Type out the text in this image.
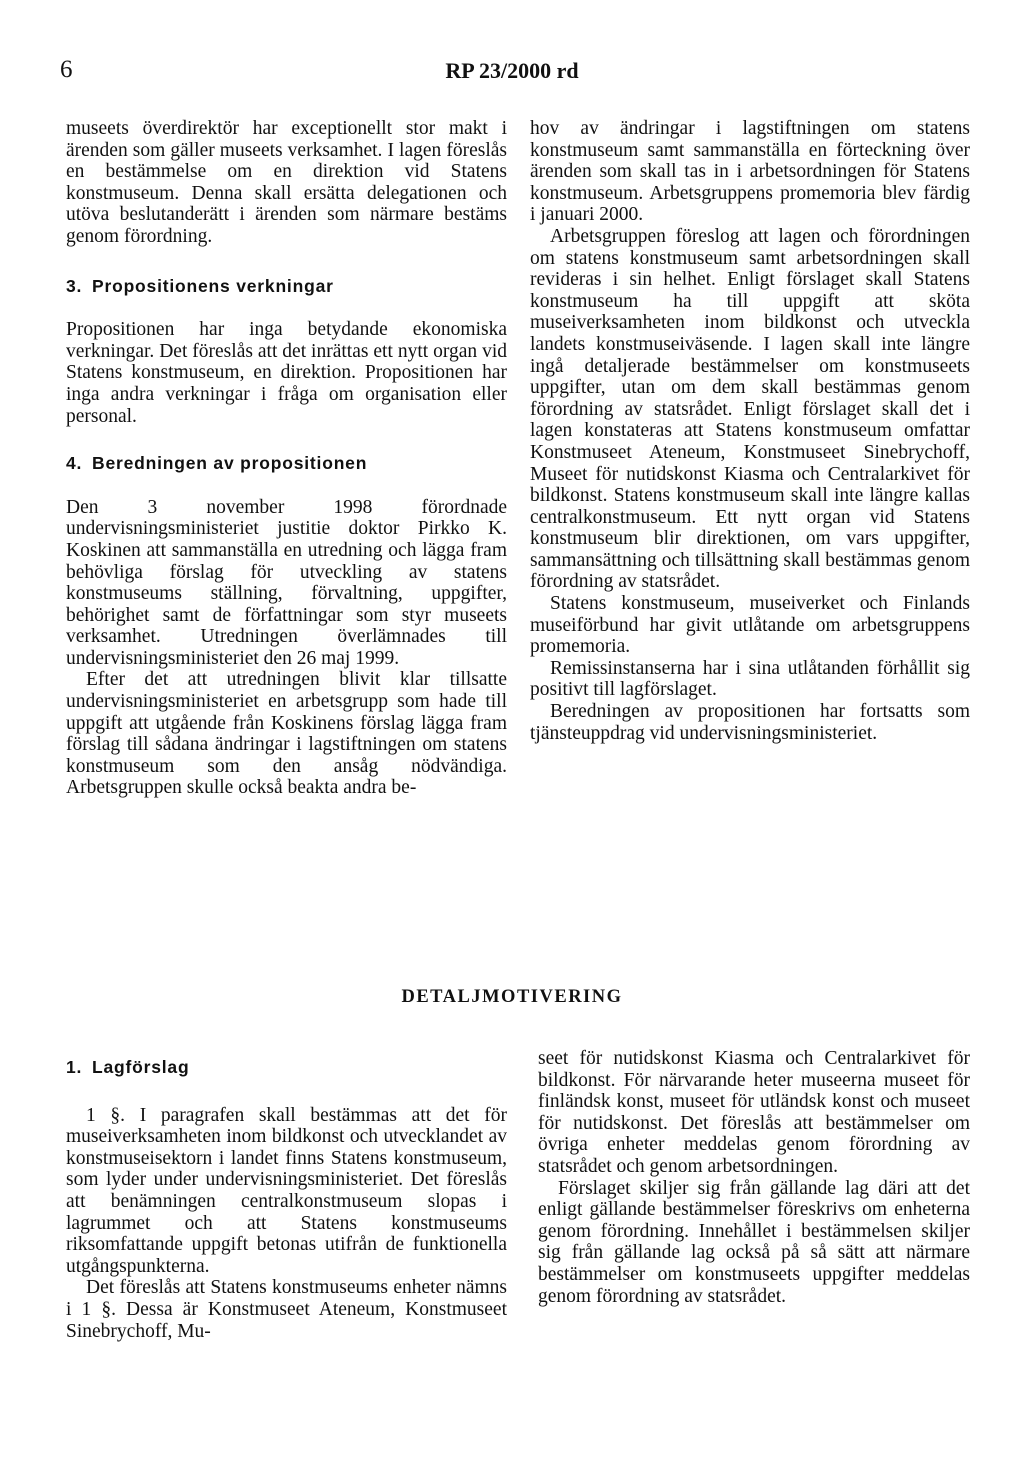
6	RP 23/2000 rd

museets överdirektör har exceptionellt stor makt i ärenden som gäller museets verksamhet. I lagen föreslås en bestämmelse om en direktion vid Statens konstmuseum. Denna skall ersätta delegationen och utöva beslutanderätt i ärenden som närmare bestäms genom förordning.

3. Propositionens verkningar

Propositionen har inga betydande ekonomiska verkningar. Det föreslås att det inrättas ett nytt organ vid Statens konstmuseum, en direktion. Propositionen har inga andra verkningar i fråga om organisation eller personal.

4. Beredningen av propositionen

Den 3 november 1998 förordnade undervisningsministeriet justitie doktor Pirkko K. Koskinen att sammanställa en utredning och lägga fram behövliga förslag för utveckling av statens konstmuseums ställning, förvaltning, uppgifter, behörighet samt de författningar som styr museets verksamhet. Utredningen överlämnades till undervisningsministeriet den 26 maj 1999.

Efter det att utredningen blivit klar tillsatte undervisningsministeriet en arbetsgrupp som hade till uppgift att utgående från Koskinens förslag lägga fram förslag till sådana ändringar i lagstiftningen om statens konstmuseum som den ansåg nödvändiga. Arbetsgruppen skulle också beakta andra be-

hov av ändringar i lagstiftningen om statens konstmuseum samt sammanställa en förteckning över ärenden som skall tas in i arbetsordningen för Statens konstmuseum. Arbetsgruppens promemoria blev färdig i januari 2000.

Arbetsgruppen föreslog att lagen och förordningen om statens konstmuseum samt arbetsordningen skall revideras i sin helhet. Enligt förslaget skall Statens konstmuseum ha till uppgift att sköta museiverksamheten inom bildkonst och utveckla landets konstmuseiväsende. I lagen skall inte längre ingå detaljerade bestämmelser om konstmuseets uppgifter, utan om dem skall bestämmas genom förordning av statsrådet. Enligt förslaget skall det i lagen konstateras att Statens konstmuseum omfattar Konstmuseet Ateneum, Konstmuseet Sinebrychoff, Museet för nutidskonst Kiasma och Centralarkivet för bildkonst. Statens konstmuseum skall inte längre kallas centralkonstmuseum. Ett nytt organ vid Statens konstmuseum blir direktionen, om vars uppgifter, sammansättning och tillsättning skall bestämmas genom förordning av statsrådet.

Statens konstmuseum, museiverket och Finlands museiförbund har givit utlåtande om arbetsgruppens promemoria.

Remissinstanserna har i sina utlåtanden förhållit sig positivt till lagförslaget.

Beredningen av propositionen har fortsatts som tjänsteuppdrag vid undervisningsministeriet.

DETALJMOTIVERING
1. Lagförslag

1 §. I paragrafen skall bestämmas att det för museiverksamheten inom bildkonst och utvecklandet av konstmuseisektorn i landet finns Statens konstmuseum, som lyder under undervisningsministeriet. Det föreslås att benämningen centralkonstmuseum slopas i lagrummet och att Statens konstmuseums riksomfattande uppgift betonas utifrån de funktionella utgångspunkterna.

Det föreslås att Statens konstmuseums enheter nämns i 1 §. Dessa är Konstmuseet Ateneum, Konstmuseet Sinebrychoff, Mu-

seet för nutidskonst Kiasma och Centralarkivet för bildkonst. För närvarande heter museerna museet för finländsk konst, museet för utländsk konst och museet för nutidskonst. Det föreslås att bestämmelser om övriga enheter meddelas genom förordning av statsrådet och genom arbetsordningen.

Förslaget skiljer sig från gällande lag däri att det enligt gällande bestämmelser föreskrivs om enheterna genom förordning. Innehållet i bestämmelsen skiljer sig från gällande lag också på så sätt att närmare bestämmelser om konstmuseets uppgifter meddelas genom förordning av statsrådet.
